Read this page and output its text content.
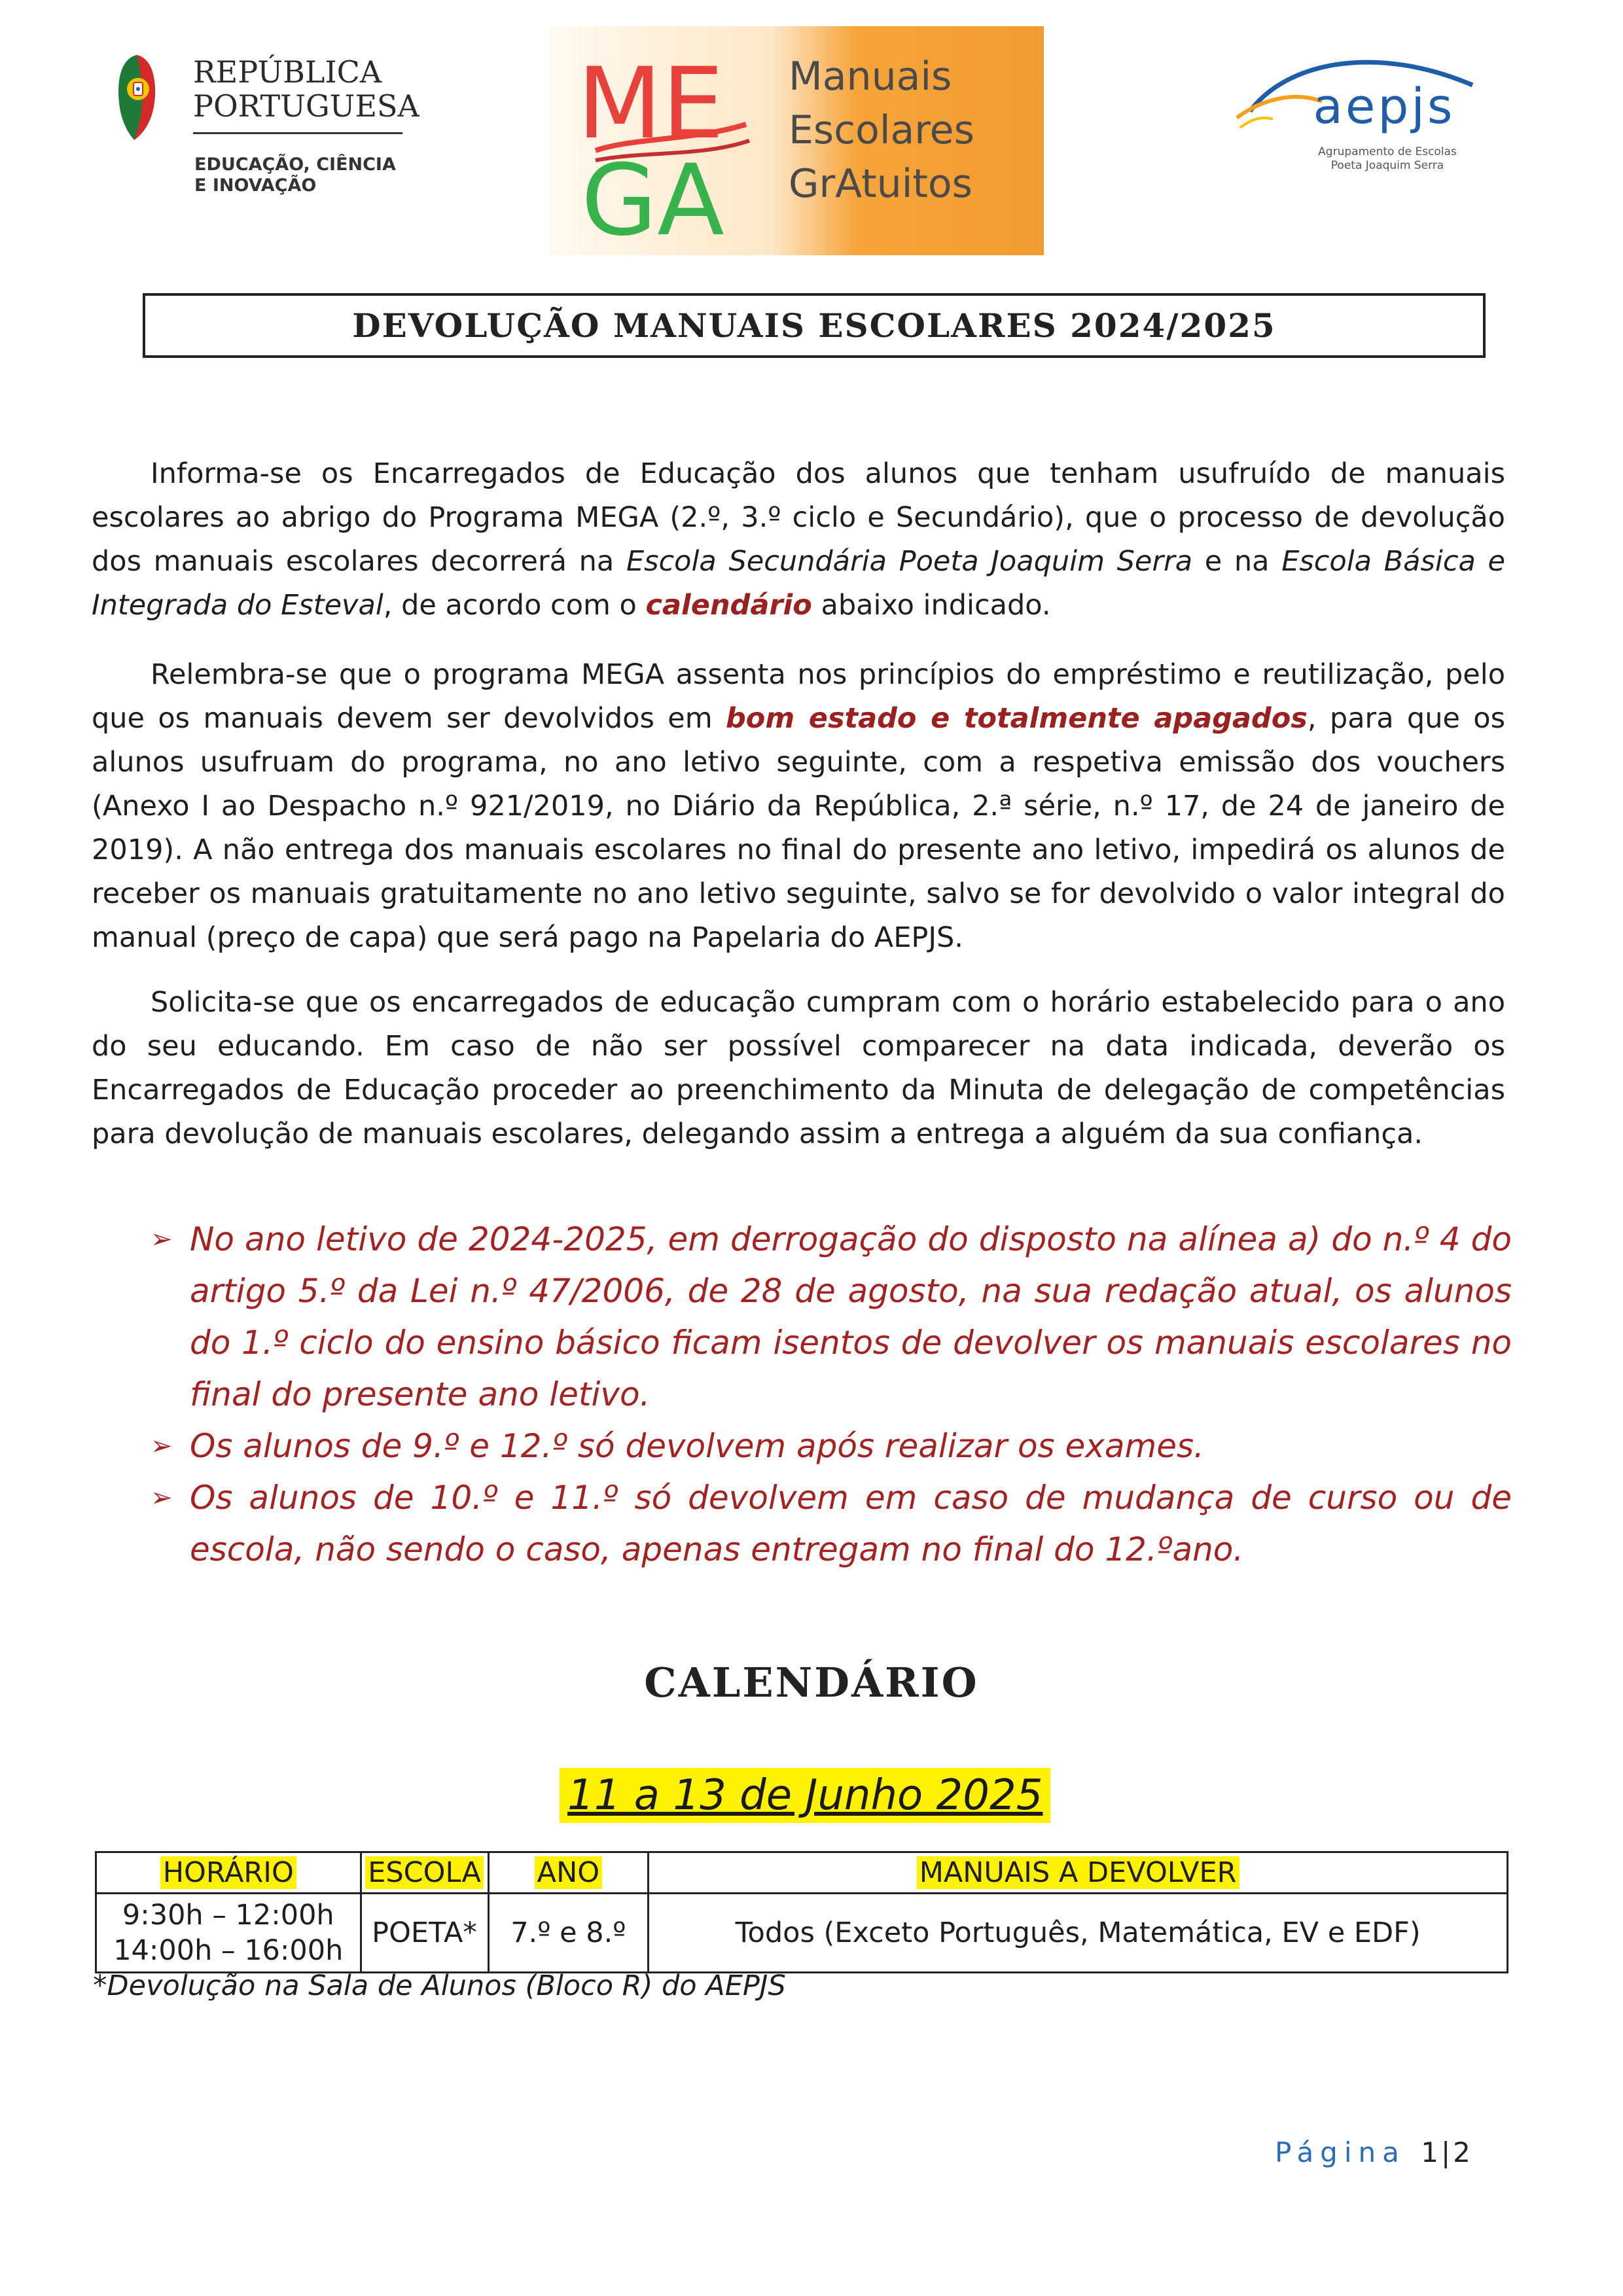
REPÚBLICA
PORTUGUESA
EDUCAÇÃO, CIÊNCIA
E INOVAÇÃO
ME
GA
Manuais
Escolares
GrAtuitos
aepjs
Agrupamento de Escolas
Poeta Joaquim Serra
DEVOLUÇÃO MANUAIS ESCOLARES 2024/2025

Informa-se os Encarregados de Educação dos alunos que tenham usufruído de manuais escolares ao abrigo do Programa MEGA (2.º, 3.º ciclo e Secundário), que o processo de devolução dos manuais escolares decorrerá na Escola Secundária Poeta Joaquim Serra e na Escola Básica e Integrada do Esteval, de acordo com o calendário abaixo indicado.

Relembra-se que o programa MEGA assenta nos princípios do empréstimo e reutilização, pelo que os manuais devem ser devolvidos em bom estado e totalmente apagados, para que os alunos usufruam do programa, no ano letivo seguinte, com a respetiva emissão dos vouchers (Anexo I ao Despacho n.º 921/2019, no Diário da República, 2.ª série, n.º 17, de 24 de janeiro de 2019). A não entrega dos manuais escolares no final do presente ano letivo, impedirá os alunos de receber os manuais gratuitamente no ano letivo seguinte, salvo se for devolvido o valor integral do manual (preço de capa) que será pago na Papelaria do AEPJS.

Solicita-se que os encarregados de educação cumpram com o horário estabelecido para o ano do seu educando. Em caso de não ser possível comparecer na data indicada, deverão os Encarregados de Educação proceder ao preenchimento da Minuta de delegação de competências para devolução de manuais escolares, delegando assim a entrega a alguém da sua confiança.

➢ No ano letivo de 2024-2025, em derrogação do disposto na alínea a) do n.º 4 do artigo 5.º da Lei n.º 47/2006, de 28 de agosto, na sua redação atual, os alunos do 1.º ciclo do ensino básico ficam isentos de devolver os manuais escolares no final do presente ano letivo.
➢ Os alunos de 9.º e 12.º só devolvem após realizar os exames.
➢ Os alunos de 10.º e 11.º só devolvem em caso de mudança de curso ou de escola, não sendo o caso, apenas entregam no final do 12.ºano.
CALENDÁRIO
11 a 13 de Junho 2025
HORÁRIO	ESCOLA	ANO	MANUAIS A DEVOLVER

9:30h – 12:00h
14:00h – 16:00h	POETA*	7.º e 8.º	Todos (Exceto Português, Matemática, EV e EDF)
*Devolução na Sala de Alunos (Bloco R) do AEPJS
Página 1|2
